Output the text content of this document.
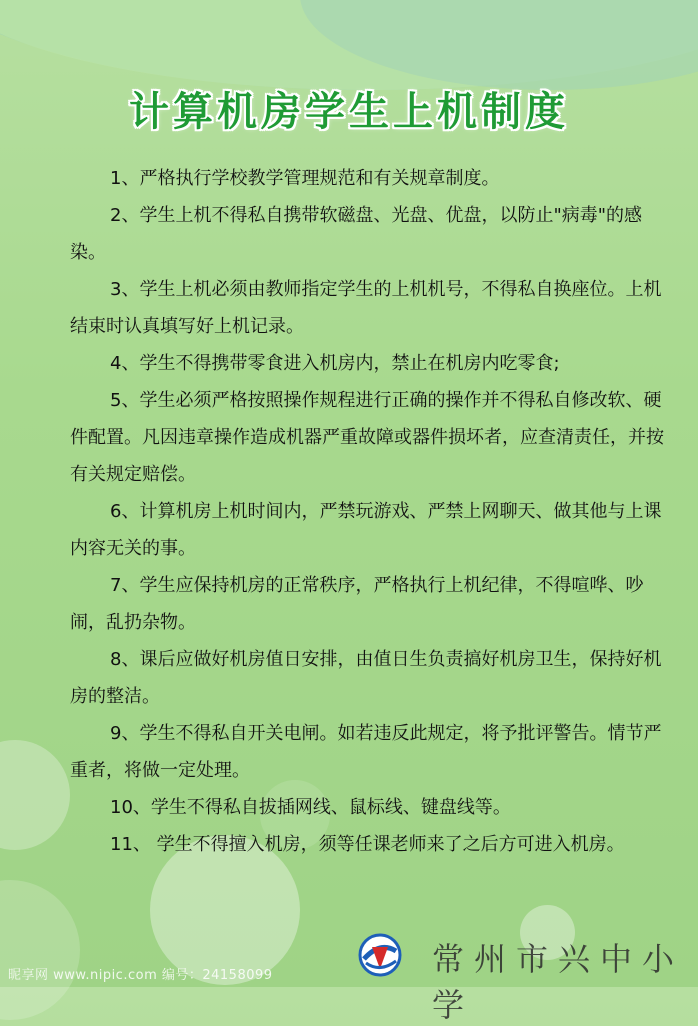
计算机房学生上机制度

1、严格执行学校教学管理规范和有关规章制度。

2、学生上机不得私自携带软磁盘、光盘、优盘，以防止"病毒"的感染。

3、学生上机必须由教师指定学生的上机机号，不得私自换座位。上机结束时认真填写好上机记录。

4、学生不得携带零食进入机房内，禁止在机房内吃零食;

5、学生必须严格按照操作规程进行正确的操作并不得私自修改软、硬件配置。凡因违章操作造成机器严重故障或器件损坏者，应查清责任，并按有关规定赔偿。

6、计算机房上机时间内，严禁玩游戏、严禁上网聊天、做其他与上课内容无关的事。

7、学生应保持机房的正常秩序，严格执行上机纪律，不得喧哗、吵闹，乱扔杂物。

8、课后应做好机房值日安排，由值日生负责搞好机房卫生，保持好机房的整洁。

9、学生不得私自开关电闸。如若违反此规定，将予批评警告。情节严重者，将做一定处理。

10、学生不得私自拔插网线、鼠标线、键盘线等。

11、 学生不得擅入机房，须等任课老师来了之后方可进入机房。

常州市兴中小学
昵享网 www.nipic.com 编号：24158099
